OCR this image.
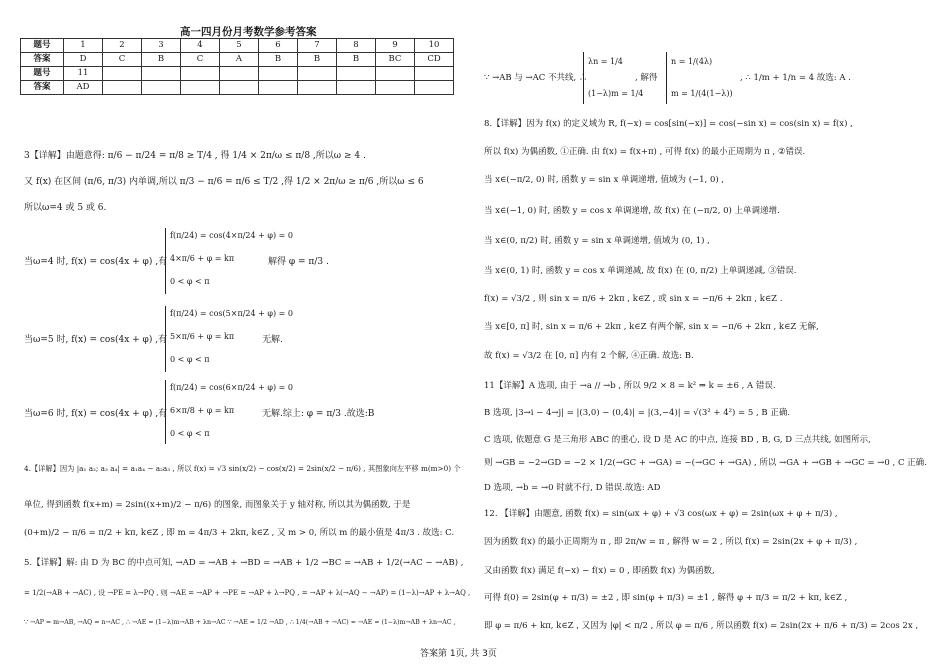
高一四月份月考数学参考答案
题号	1	2	3	4	5	6	7	8	9	10
答案	D	C	B	C	A	B	B	B	BC	CD
题号	11									
答案	AD									
3【详解】由题意得: π/6 − π/24 = π/8 ≥ T/4 , 得 1/4 × 2π/ω ≤ π/8 ,所以ω ≥ 4 .
又 f(x) 在区间 (π/6, π/3) 内单调,所以 π/3 − π/6 = π/6 ≤ T/2 ,得 1/2 × 2π/ω ≥ π/6 ,所以ω ≤ 6
所以ω=4 或 5 或 6.
当ω=4 时, f(x) = cos(4x + φ) ,有
f(π/24) = cos(4×π/24 + φ) = 0
4×π/6 + φ = kπ
0 < φ < π
解得 φ = π/3 .
当ω=5 时, f(x) = cos(4x + φ) ,有
f(π/24) = cos(5×π/24 + φ) = 0
5×π/6 + φ = kπ
0 < φ < π
无解.
当ω=6 时, f(x) = cos(4x + φ) ,有
f(π/24) = cos(6×π/24 + φ) = 0
6×π/8 + φ = kπ
0 < φ < π
无解.综上: φ = π/3 .故选:B
4.【详解】因为 |a₁ a₂; a₃ a₄| = a₁a₄ − a₂a₃ , 所以 f(x) = √3 sin(x/2) − cos(x/2) = 2sin(x/2 − π/6) , 其图象向左平移 m(m>0) 个
单位, 得到函数 f(x+m) = 2sin((x+m)/2 − π/6) 的图象, 而图象关于 y 轴对称, 所以其为偶函数, 于是
(0+m)/2 − π/6 = π/2 + kπ, k∈Z , 即 m = 4π/3 + 2kπ, k∈Z , 又 m > 0, 所以 m 的最小值是 4π/3 . 故选: C.
5.【详解】解: 由 D 为 BC 的中点可知, →AD = →AB + →BD = →AB + 1/2 →BC = →AB + 1/2(→AC − →AB) ,
= 1/2(→AB + →AC) , 设 →PE = λ→PQ , 则 →AE = →AP + →PE = →AP + λ→PQ , = →AP + λ(→AQ − →AP) = (1−λ)→AP + λ→AQ ,
∵ →AP = m→AB, →AQ = n→AC , ∴ →AE = (1−λ)m→AB + λn→AC ∵ →AE = 1/2 →AD , ∴ 1/4(→AB + →AC) = →AE = (1−λ)m→AB + λn→AC ,
∵ →AB 与 →AC 不共线, ∴
λn = 1/4
(1−λ)m = 1/4
, 解得
n = 1/(4λ)
m = 1/(4(1−λ))
, ∴ 1/m + 1/n = 4 故选: A .
8.【详解】因为 f(x) 的定义域为 R, f(−x) = cos[sin(−x)] = cos(−sin x) = cos(sin x) = f(x) ,
所以 f(x) 为偶函数, ①正确. 由 f(x) = f(x+π) , 可得 f(x) 的最小正周期为 π , ②错误.
当 x∈(−π/2, 0) 时, 函数 y = sin x 单调递增, 值域为 (−1, 0) ,
当 x∈(−1, 0) 时, 函数 y = cos x 单调递增, 故 f(x) 在 (−π/2, 0) 上单调递增.
当 x∈(0, π/2) 时, 函数 y = sin x 单调递增, 值域为 (0, 1) ,
当 x∈(0, 1) 时, 函数 y = cos x 单调递减, 故 f(x) 在 (0, π/2) 上单调递减, ③错误.
f(x) = √3/2 , 则 sin x = π/6 + 2kπ , k∈Z , 或 sin x = −π/6 + 2kπ , k∈Z .
当 x∈[0, π] 时, sin x = π/6 + 2kπ , k∈Z 有两个解, sin x = −π/6 + 2kπ , k∈Z 无解,
故 f(x) = √3/2 在 [0, π] 内有 2 个解, ④正确. 故选: B.
11【详解】A 选项, 由于 →a // →b , 所以 9/2 × 8 = k² ⇒ k = ±6 , A 错误.
B 选项, |3→i − 4→j| = |(3,0) − (0,4)| = |(3,−4)| = √(3² + 4²) = 5 , B 正确.
C 选项, 依题意 G 是三角形 ABC 的重心, 设 D 是 AC 的中点, 连接 BD , B, G, D 三点共线, 如图所示,
则 →GB = −2→GD = −2 × 1/2(→GC + →GA) = −(→GC + →GA) , 所以 →GA + →GB + →GC = →0 , C 正确.
D 选项, →b = →0 时就不行, D 错误.故选: AD
12. 【详解】由题意, 函数 f(x) = sin(ωx + φ) + √3 cos(ωx + φ) = 2sin(ωx + φ + π/3) ,
因为函数 f(x) 的最小正周期为 π , 即 2π/w = π , 解得 w = 2 , 所以 f(x) = 2sin(2x + φ + π/3) ,
又由函数 f(x) 满足 f(−x) − f(x) = 0 , 即函数 f(x) 为偶函数,
可得 f(0) = 2sin(φ + π/3) = ±2 , 即 sin(φ + π/3) = ±1 , 解得 φ + π/3 = π/2 + kπ, k∈Z ,
即 φ = π/6 + kπ, k∈Z , 又因为 |φ| < π/2 , 所以 φ = π/6 , 所以函数 f(x) = 2sin(2x + π/6 + π/3) = 2cos 2x ,
答案第 1页, 共 3页
